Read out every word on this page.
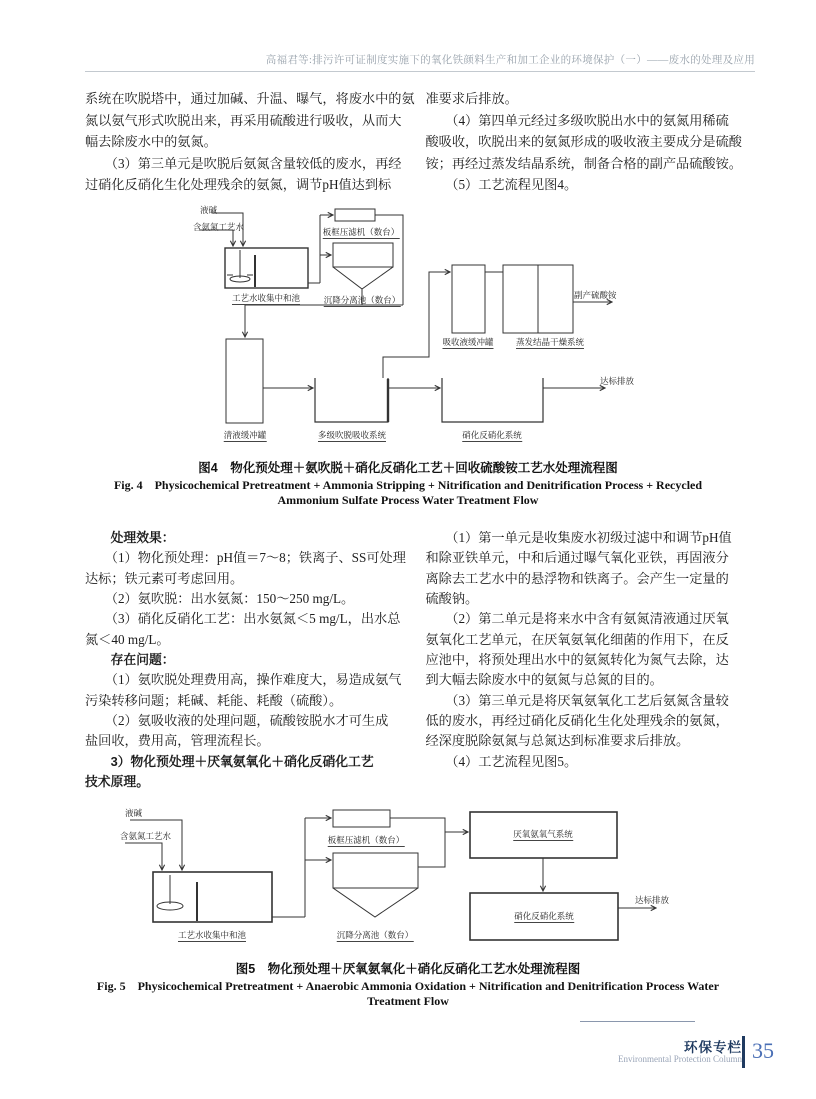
高福君等:排污许可证制度实施下的氧化铁颜料生产和加工企业的环境保护（一）——废水的处理及应用
系统在吹脱塔中，通过加碱、升温、曝气，将废水中的氨
氮以氨气形式吹脱出来，再采用硫酸进行吸收，从而大
幅去除废水中的氨氮。
　　（3）第三单元是吹脱后氨氮含量较低的废水，再经
过硝化反硝化生化处理残余的氨氮，调节pH值达到标
准要求后排放。
　　（4）第四单元经过多级吹脱出水中的氨氮用稀硫
酸吸收，吹脱出来的氨氮形成的吸收液主要成分是硫酸
铵；再经过蒸发结晶系统，制备合格的副产品硫酸铵。
　　（5）工艺流程见图4。
液碱
含氨氮工艺水
工艺水收集中和池
板框压滤机（数台）
沉降分离池（数台）
清液缓冲罐	多级吹脱吸收系统	硝化反硝化系统
吸收液缓冲罐	蒸发结晶干燥系统
副产硫酸铵
达标排放
图4　物化预处理＋氨吹脱＋硝化反硝化工艺＋回收硫酸铵工艺水处理流程图
Fig. 4　Physicochemical Pretreatment + Ammonia Stripping + Nitrification and Denitrification Process + Recycled
Ammonium Sulfate Process Water Treatment Flow
　　处理效果：
　　（1）物化预处理：pH值＝7～8；铁离子、SS可处理
达标；铁元素可考虑回用。
　　（2）氨吹脱：出水氨氮：150～250 mg/L。
　　（3）硝化反硝化工艺：出水氨氮＜5 mg/L，出水总
氮＜40 mg/L。
　　存在问题：
　　（1）氨吹脱处理费用高，操作难度大，易造成氨气
污染转移问题；耗碱、耗能、耗酸（硫酸）。
　　（2）氨吸收液的处理问题，硫酸铵脱水才可生成
盐回收，费用高，管理流程长。
　　3）物化预处理＋厌氧氨氧化＋硝化反硝化工艺
技术原理。
　　（1）第一单元是收集废水初级过滤中和调节pH值
和除亚铁单元，中和后通过曝气氧化亚铁，再固液分
离除去工艺水中的悬浮物和铁离子。会产生一定量的
硫酸钠。
　　（2）第二单元是将来水中含有氨氮清液通过厌氧
氨氧化工艺单元，在厌氧氨氧化细菌的作用下，在反
应池中，将预处理出水中的氨氮转化为氮气去除，达
到大幅去除废水中的氨氮与总氮的目的。
　　（3）第三单元是将厌氧氨氧化工艺后氨氮含量较
低的废水，再经过硝化反硝化生化处理残余的氨氮，
经深度脱除氨氮与总氮达到标准要求后排放。
　　（4）工艺流程见图5。
液碱
含氨氮工艺水
工艺水收集中和池
板框压滤机（数台）
沉降分离池（数台）
厌氧氨氧气系统
硝化反硝化系统
达标排放
图5　物化预处理＋厌氧氨氧化＋硝化反硝化工艺水处理流程图
Fig. 5　Physicochemical Pretreatment + Anaerobic Ammonia Oxidation + Nitrification and Denitrification Process Water
Treatment Flow
环保专栏
Environmental Protection Column 35
